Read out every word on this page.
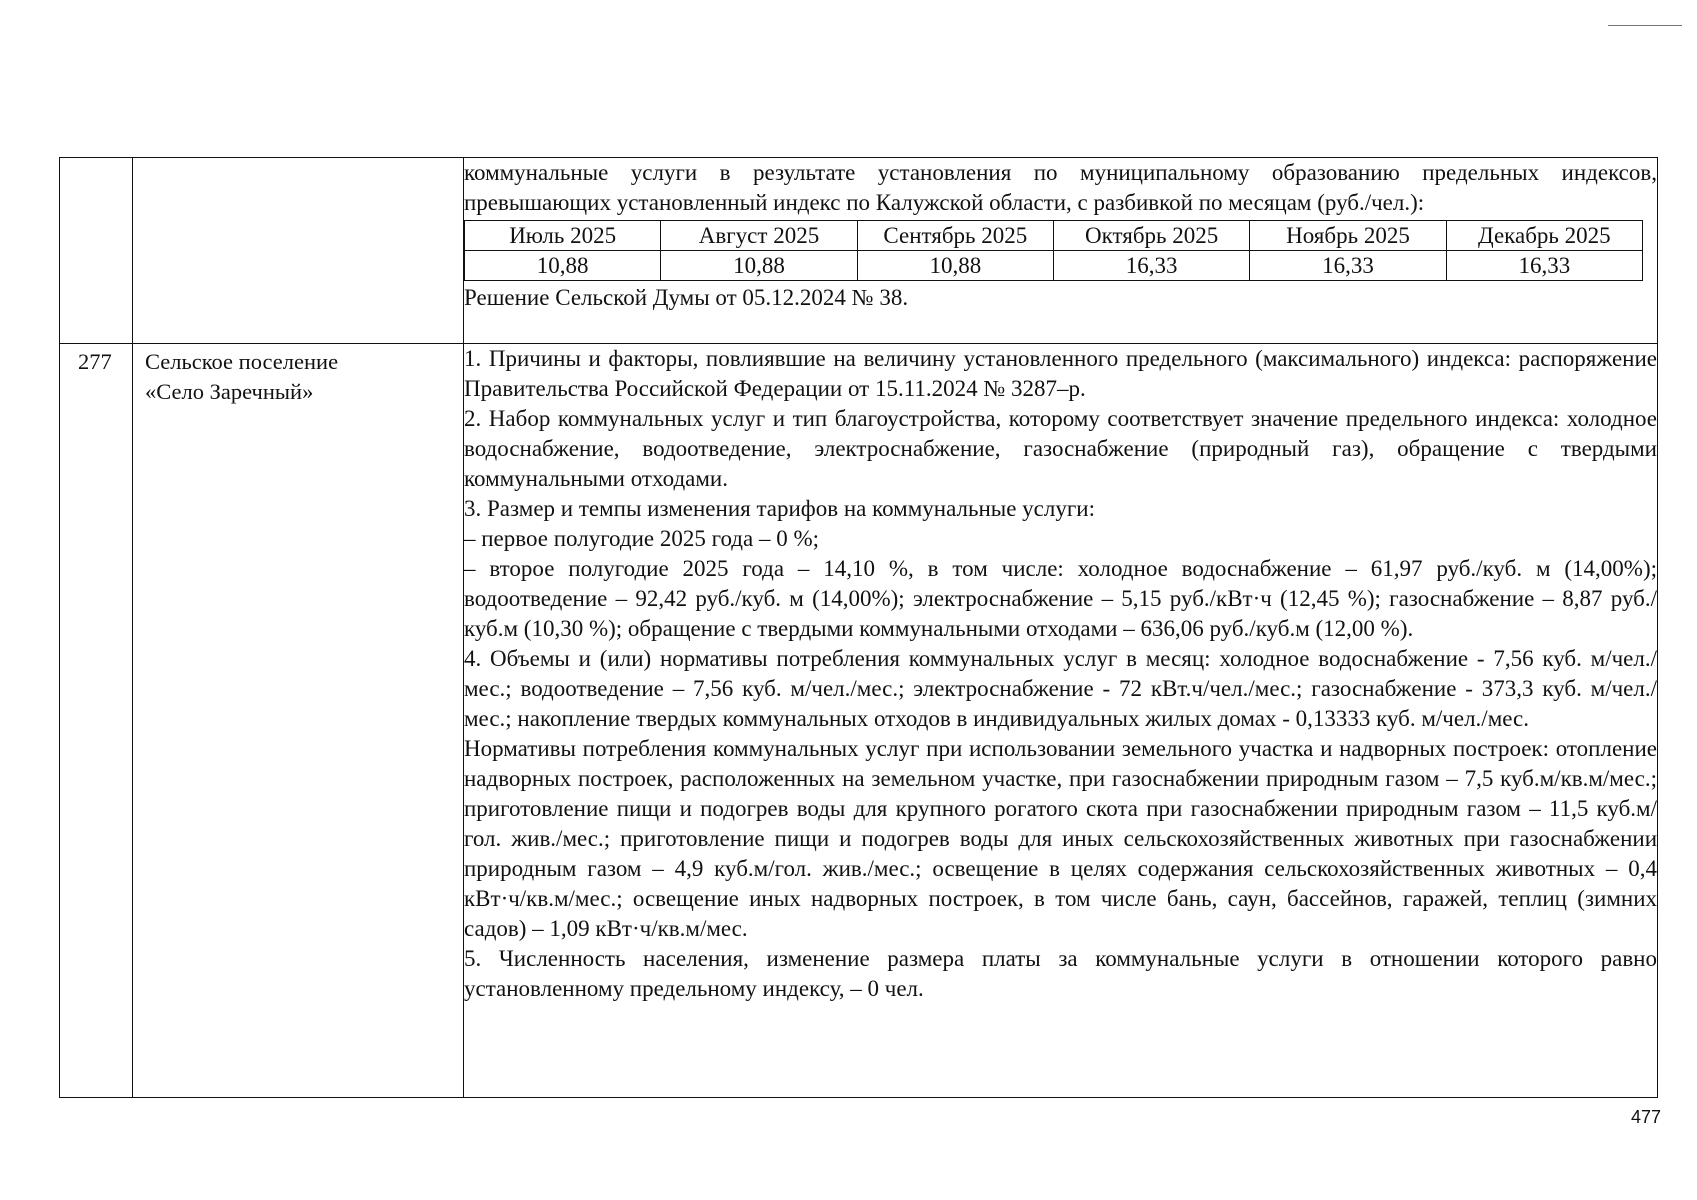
коммунальные услуги в результате установления по муниципальному образованию предельных индексов, превышающих установленный индекс по Калужской области, с разбивкой по месяцам (руб./чел.):

Июль 2025	Август 2025	Сентябрь 2025	Октябрь 2025	Ноябрь 2025	Декабрь 2025
10,88	10,88	10,88	16,33	16,33	16,33

Решение Сельской Думы от 05.12.2024 № 38.

277	Сельское поселение
«Село Заречный»

1. Причины и факторы, повлиявшие на величину установленного предельного (максимального) индекса: распоряжение Правительства Российской Федерации от 15.11.2024 № 3287–р.

2. Набор коммунальных услуг и тип благоустройства, которому соответствует значение предельного индекса: холодное водоснабжение, водоотведение, электроснабжение, газоснабжение (природный газ), обращение с твердыми коммунальными отходами.

3. Размер и темпы изменения тарифов на коммунальные услуги:

– первое полугодие 2025 года – 0 %;

– второе полугодие 2025 года – 14,10 %, в том числе: холодное водоснабжение – 61,97 руб./куб. м (14,00%); водоотведение – 92,42 руб./куб. м (14,00%); электроснабжение – 5,15 руб./кВт·ч (12,45 %); газоснабжение – 8,87 руб./куб.м (10,30 %); обращение с твердыми коммунальными отходами – 636,06 руб./куб.м (12,00 %).

4. Объемы и (или) нормативы потребления коммунальных услуг в месяц: холодное водоснабжение - 7,56 куб. м/чел./мес.; водоотведение – 7,56 куб. м/чел./мес.; электроснабжение - 72 кВт.ч/чел./мес.; газоснабжение - 373,3 куб. м/чел./мес.; накопление твердых коммунальных отходов в индивидуальных жилых домах - 0,13333 куб. м/чел./мес.

Нормативы потребления коммунальных услуг при использовании земельного участка и надворных построек: отопление надворных построек, расположенных на земельном участке, при газоснабжении природным газом – 7,5 куб.м/кв.м/мес.; приготовление пищи и подогрев воды для крупного рогатого скота при газоснабжении природным газом – 11,5 куб.м/гол. жив./мес.; приготовление пищи и подогрев воды для иных сельскохозяйственных животных при газоснабжении природным газом – 4,9 куб.м/гол. жив./мес.; освещение в целях содержания сельскохозяйственных животных – 0,4 кВт·ч/кв.м/мес.; освещение иных надворных построек, в том числе бань, саун, бассейнов, гаражей, теплиц (зимних садов) – 1,09 кВт·ч/кв.м/мес.

5. Численность населения, изменение размера платы за коммунальные услуги в отношении которого равно установленному предельному индексу, – 0 чел.

477
